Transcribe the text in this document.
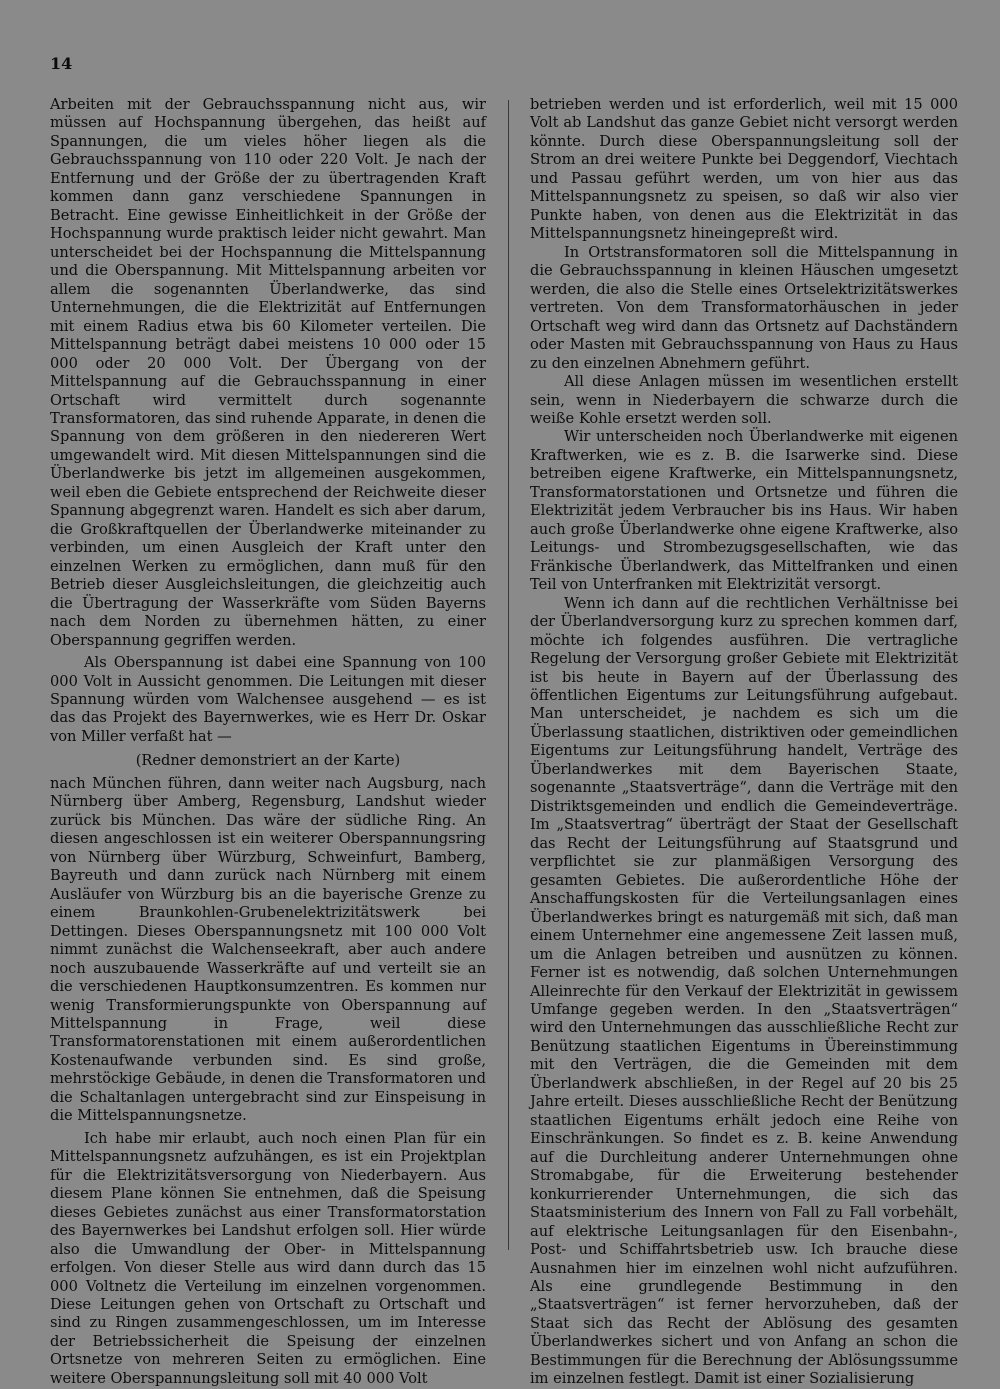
14

Arbeiten mit der Gebrauchsspannung nicht aus, wir müssen auf Hochspannung übergehen, das heißt auf Spannungen, die um vieles höher liegen als die Gebrauchsspannung von 110 oder 220 Volt. Je nach der Entfernung und der Größe der zu übertragenden Kraft kommen dann ganz verschiedene Spannungen in Betracht. Eine gewisse Einheitlichkeit in der Größe der Hochspannung wurde praktisch leider nicht gewahrt. Man unterscheidet bei der Hochspannung die Mittelspannung und die Oberspannung. Mit Mittelspannung arbeiten vor allem die sogenannten Überlandwerke, das sind Unternehmungen, die die Elektrizität auf Entfernungen mit einem Radius etwa bis 60 Kilometer verteilen. Die Mittelspannung beträgt dabei meistens 10 000 oder 15 000 oder 20 000 Volt. Der Übergang von der Mittelspannung auf die Gebrauchsspannung in einer Ortschaft wird vermittelt durch sogenannte Transformatoren, das sind ruhende Apparate, in denen die Spannung von dem größeren in den niedereren Wert umgewandelt wird. Mit diesen Mittelspannungen sind die Überlandwerke bis jetzt im allgemeinen ausgekommen, weil eben die Gebiete entsprechend der Reichweite dieser Spannung abgegrenzt waren. Handelt es sich aber darum, die Großkraftquellen der Überlandwerke miteinander zu verbinden, um einen Ausgleich der Kraft unter den einzelnen Werken zu ermöglichen, dann muß für den Betrieb dieser Ausgleichsleitungen, die gleichzeitig auch die Übertragung der Wasserkräfte vom Süden Bayerns nach dem Norden zu übernehmen hätten, zu einer Oberspannung gegriffen werden.

Als Oberspannung ist dabei eine Spannung von 100 000 Volt in Aussicht genommen. Die Leitungen mit dieser Spannung würden vom Walchensee ausgehend — es ist das das Projekt des Bayernwerkes, wie es Herr Dr. Oskar von Miller verfaßt hat —

(Redner demonstriert an der Karte)

nach München führen, dann weiter nach Augsburg, nach Nürnberg über Amberg, Regensburg, Landshut wieder zurück bis München. Das wäre der südliche Ring. An diesen angeschlossen ist ein weiterer Oberspannungsring von Nürnberg über Würzburg, Schweinfurt, Bamberg, Bayreuth und dann zurück nach Nürnberg mit einem Ausläufer von Würzburg bis an die bayerische Grenze zu einem Braunkohlen-Grubenelektrizitätswerk bei Dettingen. Dieses Oberspannungsnetz mit 100 000 Volt nimmt zunächst die Walchenseekraft, aber auch andere noch auszubauende Wasserkräfte auf und verteilt sie an die verschiedenen Hauptkonsumzentren. Es kommen nur wenig Transformierungspunkte von Oberspannung auf Mittelspannung in Frage, weil diese Transformatorenstationen mit einem außerordentlichen Kostenaufwande verbunden sind. Es sind große, mehrstöckige Gebäude, in denen die Transformatoren und die Schaltanlagen untergebracht sind zur Einspeisung in die Mittelspannungsnetze.

Ich habe mir erlaubt, auch noch einen Plan für ein Mittelspannungsnetz aufzuhängen, es ist ein Projektplan für die Elektrizitätsversorgung von Niederbayern. Aus diesem Plane können Sie entnehmen, daß die Speisung dieses Gebietes zunächst aus einer Transformatorstation des Bayernwerkes bei Landshut erfolgen soll. Hier würde also die Umwandlung der Ober- in Mittelspannung erfolgen. Von dieser Stelle aus wird dann durch das 15 000 Voltnetz die Verteilung im einzelnen vorgenommen. Diese Leitungen gehen von Ortschaft zu Ortschaft und sind zu Ringen zusammengeschlossen, um im Interesse der Betriebssicherheit die Speisung der einzelnen Ortsnetze von mehreren Seiten zu ermöglichen. Eine weitere Oberspannungsleitung soll mit 40 000 Volt

betrieben werden und ist erforderlich, weil mit 15 000 Volt ab Landshut das ganze Gebiet nicht versorgt werden könnte. Durch diese Oberspannungsleitung soll der Strom an drei weitere Punkte bei Deggendorf, Viechtach und Passau geführt werden, um von hier aus das Mittelspannungsnetz zu speisen, so daß wir also vier Punkte haben, von denen aus die Elektrizität in das Mittelspannungsnetz hineingepreßt wird.

In Ortstransformatoren soll die Mittelspannung in die Gebrauchsspannung in kleinen Häuschen umgesetzt werden, die also die Stelle eines Ortselektrizitätswerkes vertreten. Von dem Transformatorhäuschen in jeder Ortschaft weg wird dann das Ortsnetz auf Dachständern oder Masten mit Gebrauchsspannung von Haus zu Haus zu den einzelnen Abnehmern geführt.

All diese Anlagen müssen im wesentlichen erstellt sein, wenn in Niederbayern die schwarze durch die weiße Kohle ersetzt werden soll.

Wir unterscheiden noch Überlandwerke mit eigenen Kraftwerken, wie es z. B. die Isarwerke sind. Diese betreiben eigene Kraftwerke, ein Mittelspannungsnetz, Transformatorstationen und Ortsnetze und führen die Elektrizität jedem Verbraucher bis ins Haus. Wir haben auch große Überlandwerke ohne eigene Kraftwerke, also Leitungs- und Strombezugsgesellschaften, wie das Fränkische Überlandwerk, das Mittelfranken und einen Teil von Unterfranken mit Elektrizität versorgt.

Wenn ich dann auf die rechtlichen Verhältnisse bei der Überlandversorgung kurz zu sprechen kommen darf, möchte ich folgendes ausführen. Die vertragliche Regelung der Versorgung großer Gebiete mit Elektrizität ist bis heute in Bayern auf der Überlassung des öffentlichen Eigentums zur Leitungsführung aufgebaut. Man unterscheidet, je nachdem es sich um die Überlassung staatlichen, distriktiven oder gemeindlichen Eigentums zur Leitungsführung handelt, Verträge des Überlandwerkes mit dem Bayerischen Staate, sogenannte „Staatsverträge“, dann die Verträge mit den Distriktsgemeinden und endlich die Gemeindeverträge. Im „Staatsvertrag“ überträgt der Staat der Gesellschaft das Recht der Leitungsführung auf Staatsgrund und verpflichtet sie zur planmäßigen Versorgung des gesamten Gebietes. Die außerordentliche Höhe der Anschaffungskosten für die Verteilungsanlagen eines Überlandwerkes bringt es naturgemäß mit sich, daß man einem Unternehmer eine angemessene Zeit lassen muß, um die Anlagen betreiben und ausnützen zu können. Ferner ist es notwendig, daß solchen Unternehmungen Alleinrechte für den Verkauf der Elektrizität in gewissem Umfange gegeben werden. In den „Staatsverträgen“ wird den Unternehmungen das ausschließliche Recht zur Benützung staatlichen Eigentums in Übereinstimmung mit den Verträgen, die die Gemeinden mit dem Überlandwerk abschließen, in der Regel auf 20 bis 25 Jahre erteilt. Dieses ausschließliche Recht der Benützung staatlichen Eigentums erhält jedoch eine Reihe von Einschränkungen. So findet es z. B. keine Anwendung auf die Durchleitung anderer Unternehmungen ohne Stromabgabe, für die Erweiterung bestehender konkurrierender Unternehmungen, die sich das Staatsministerium des Innern von Fall zu Fall vorbehält, auf elektrische Leitungsanlagen für den Eisenbahn-, Post- und Schiffahrtsbetrieb usw. Ich brauche diese Ausnahmen hier im einzelnen wohl nicht aufzuführen. Als eine grundlegende Bestimmung in den „Staatsverträgen“ ist ferner hervorzuheben, daß der Staat sich das Recht der Ablösung des gesamten Überlandwerkes sichert und von Anfang an schon die Bestimmungen für die Berechnung der Ablösungssumme im einzelnen festlegt. Damit ist einer Sozialisierung
